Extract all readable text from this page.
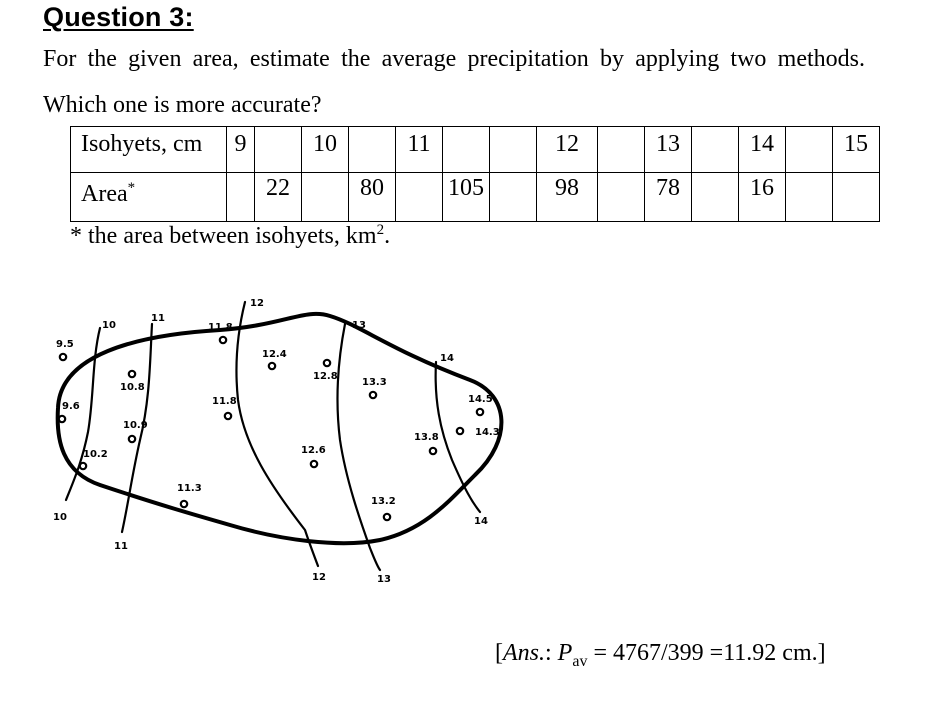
Question 3:
For the given area, estimate the average precipitation by applying two methods. Which one is more accurate?
Isohyets, cm	9		10		11			12		13		14		15
Area*		22		80		105		98		78		16		
* the area between isohyets, $km^2$.
10
10
11
11
12
12
13
13
14
14
9.5
9.6
10.2
10.8
10.9
11.3
11.8
11.8
12.4
12.8
12.6
13.3
13.2
13.8
14.5
14.3
[Ans.: $P_{av} = 4767/399 =11.92$ cm.]
